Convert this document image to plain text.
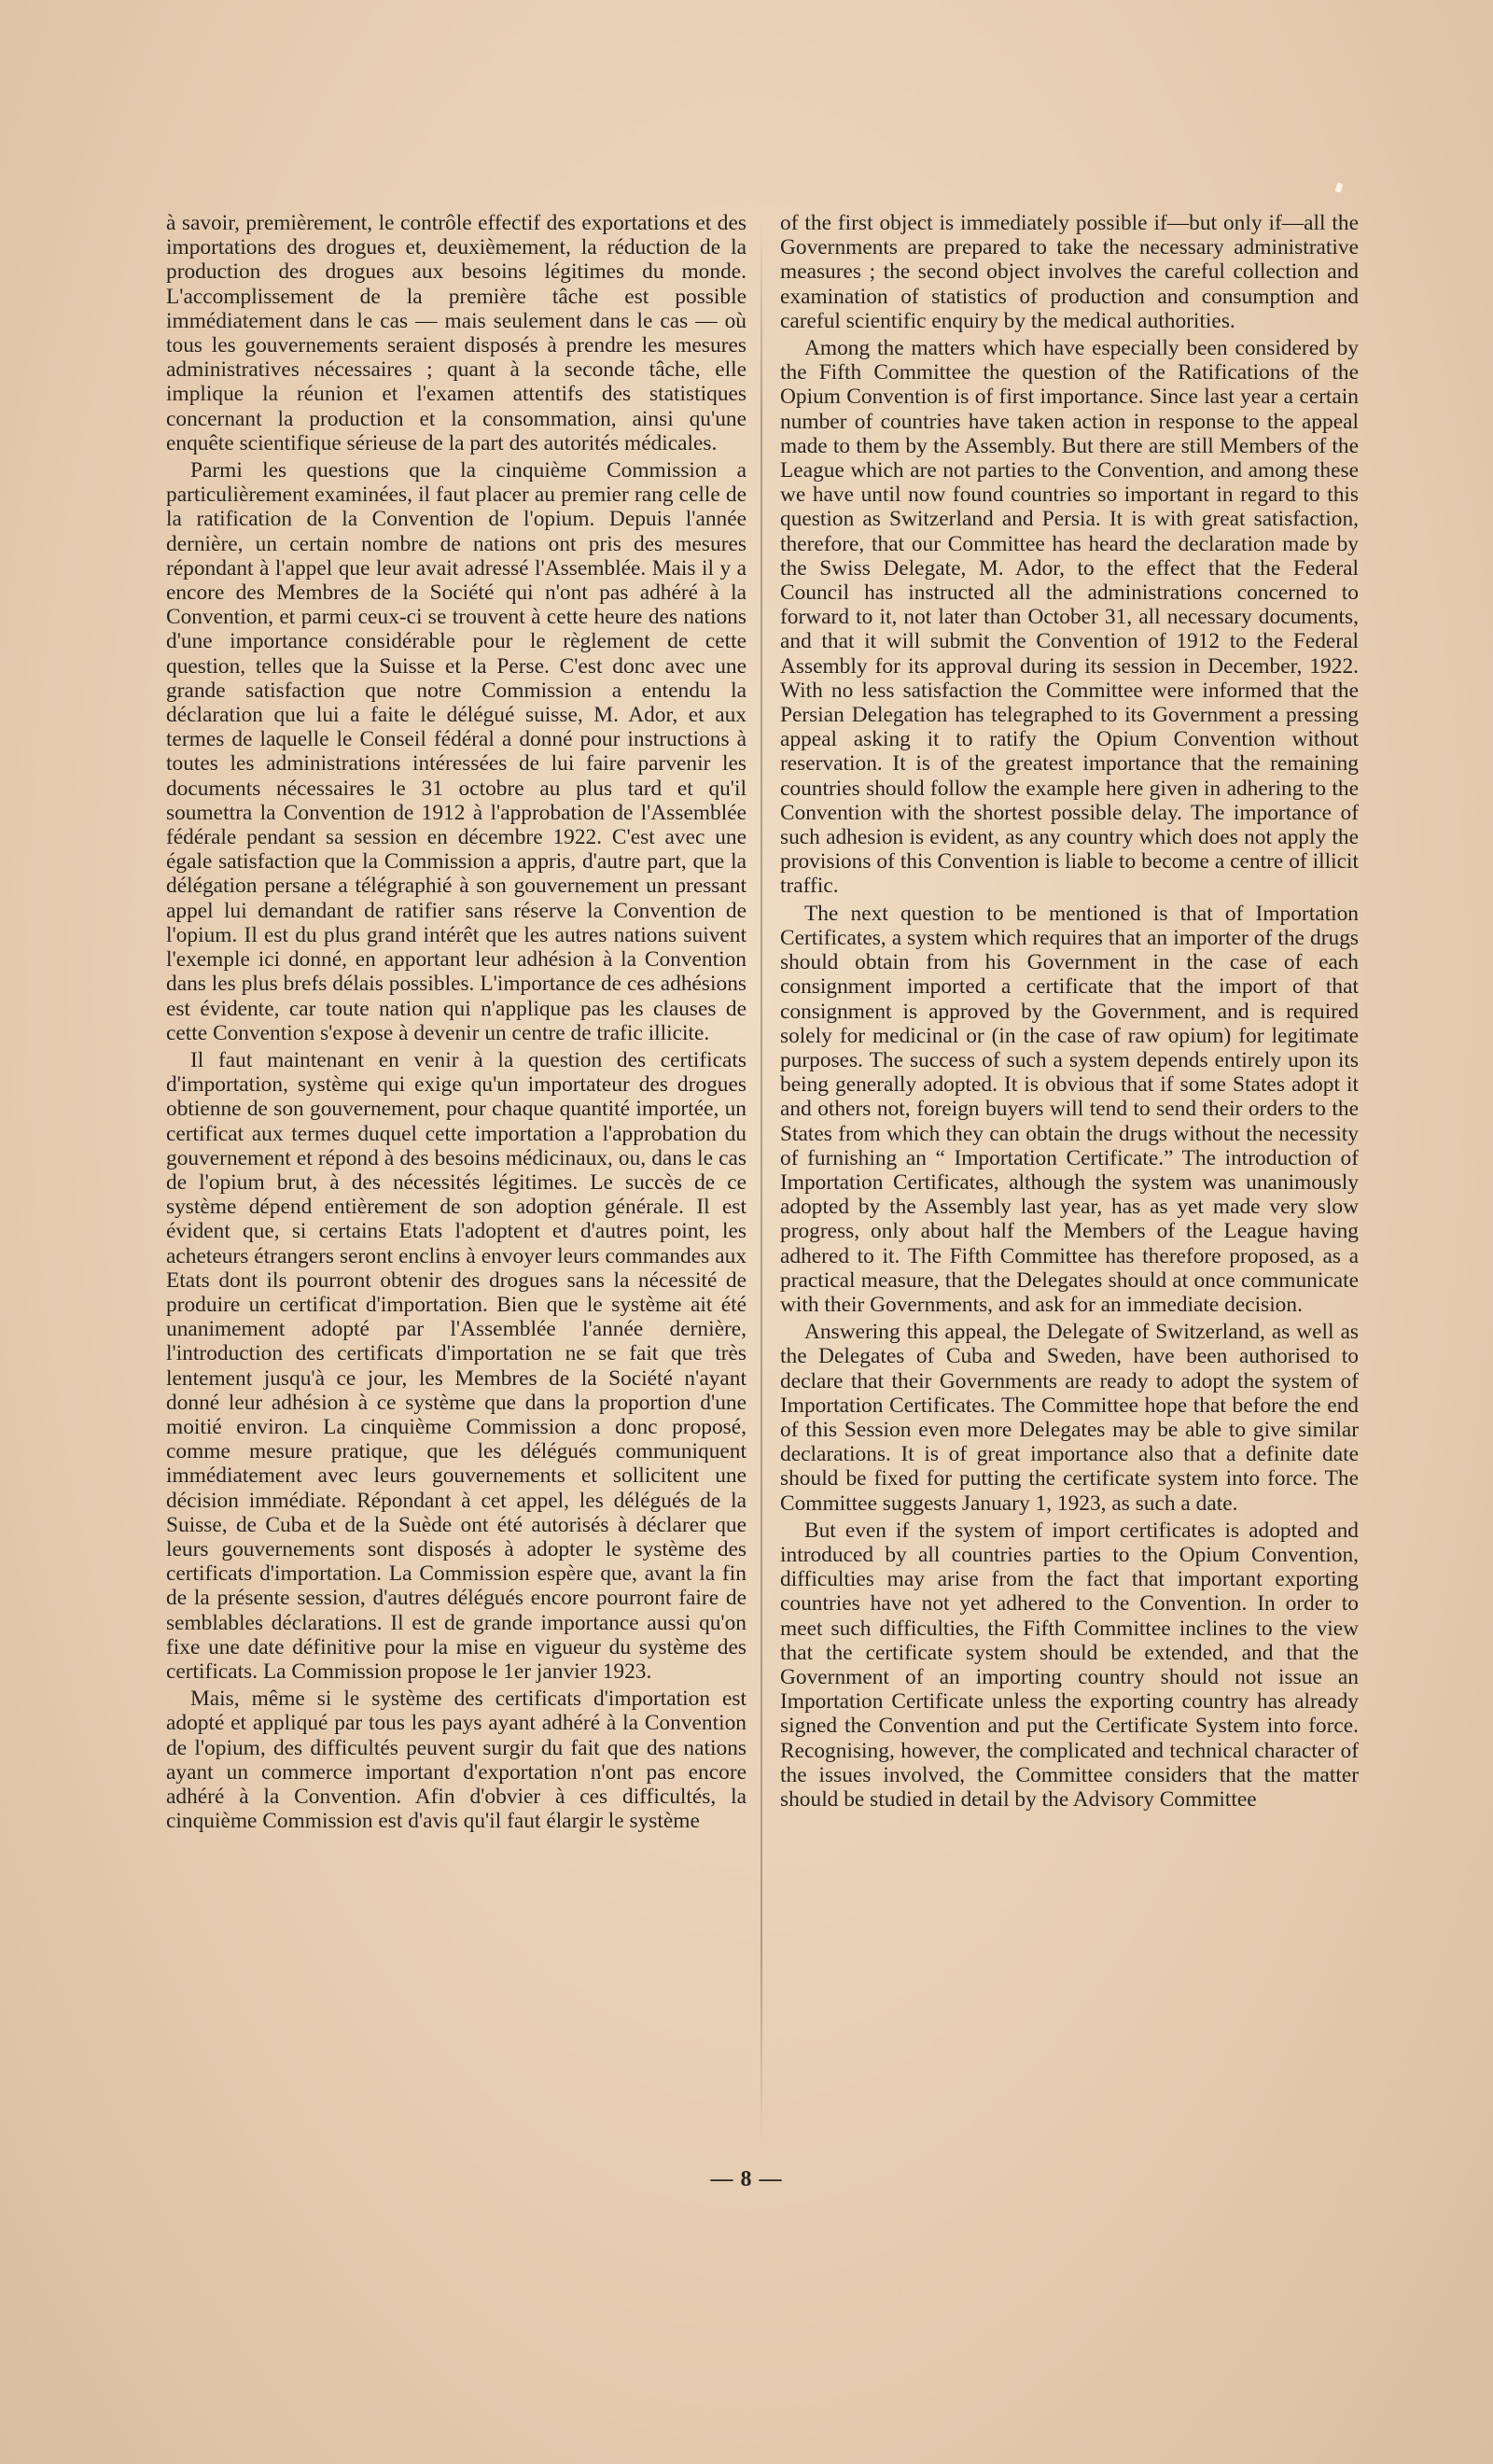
à savoir, premièrement, le contrôle effectif des exportations et des importations des drogues et, deuxièmement, la réduction de la production des drogues aux besoins légitimes du monde. L'accomplissement de la première tâche est possible immédiatement dans le cas — mais seulement dans le cas — où tous les gouvernements seraient disposés à prendre les mesures administratives nécessaires ; quant à la seconde tâche, elle implique la réunion et l'examen attentifs des statistiques concernant la production et la consommation, ainsi qu'une enquête scientifique sérieuse de la part des autorités médicales.

Parmi les questions que la cinquième Commission a particulièrement examinées, il faut placer au premier rang celle de la ratification de la Convention de l'opium. Depuis l'année dernière, un certain nombre de nations ont pris des mesures répondant à l'appel que leur avait adressé l'Assemblée. Mais il y a encore des Membres de la Société qui n'ont pas adhéré à la Convention, et parmi ceux-ci se trouvent à cette heure des nations d'une importance considérable pour le règlement de cette question, telles que la Suisse et la Perse. C'est donc avec une grande satisfaction que notre Commission a entendu la déclaration que lui a faite le délégué suisse, M. Ador, et aux termes de laquelle le Conseil fédéral a donné pour instructions à toutes les administrations intéressées de lui faire parvenir les documents nécessaires le 31 octobre au plus tard et qu'il soumettra la Convention de 1912 à l'approbation de l'Assemblée fédérale pendant sa session en décembre 1922. C'est avec une égale satisfaction que la Commission a appris, d'autre part, que la délégation persane a télégraphié à son gouvernement un pressant appel lui demandant de ratifier sans réserve la Convention de l'opium. Il est du plus grand intérêt que les autres nations suivent l'exemple ici donné, en apportant leur adhésion à la Convention dans les plus brefs délais possibles. L'importance de ces adhésions est évidente, car toute nation qui n'applique pas les clauses de cette Convention s'expose à devenir un centre de trafic illicite.

Il faut maintenant en venir à la question des certificats d'importation, système qui exige qu'un importateur des drogues obtienne de son gouvernement, pour chaque quantité importée, un certificat aux termes duquel cette importation a l'approbation du gouvernement et répond à des besoins médicinaux, ou, dans le cas de l'opium brut, à des nécessités légitimes. Le succès de ce système dépend entièrement de son adoption générale. Il est évident que, si certains Etats l'adoptent et d'autres point, les acheteurs étrangers seront enclins à envoyer leurs commandes aux Etats dont ils pourront obtenir des drogues sans la nécessité de produire un certificat d'importation. Bien que le système ait été unanimement adopté par l'Assemblée l'année dernière, l'introduction des certificats d'importation ne se fait que très lentement jusqu'à ce jour, les Membres de la Société n'ayant donné leur adhésion à ce système que dans la proportion d'une moitié environ. La cinquième Commission a donc proposé, comme mesure pratique, que les délégués communiquent immédiatement avec leurs gouvernements et sollicitent une décision immédiate. Répondant à cet appel, les délégués de la Suisse, de Cuba et de la Suède ont été autorisés à déclarer que leurs gouvernements sont disposés à adopter le système des certificats d'importation. La Commission espère que, avant la fin de la présente session, d'autres délégués encore pourront faire de semblables déclarations. Il est de grande importance aussi qu'on fixe une date définitive pour la mise en vigueur du système des certificats. La Commission propose le 1er janvier 1923.

Mais, même si le système des certificats d'importation est adopté et appliqué par tous les pays ayant adhéré à la Convention de l'opium, des difficultés peuvent surgir du fait que des nations ayant un commerce important d'exportation n'ont pas encore adhéré à la Convention. Afin d'obvier à ces difficultés, la cinquième Commission est d'avis qu'il faut élargir le système

of the first object is immediately possible if—but only if—all the Governments are prepared to take the necessary administrative measures ; the second object involves the careful collection and examination of statistics of production and consumption and careful scientific enquiry by the medical authorities.

Among the matters which have especially been considered by the Fifth Committee the question of the Ratifications of the Opium Convention is of first importance. Since last year a certain number of countries have taken action in response to the appeal made to them by the Assembly. But there are still Members of the League which are not parties to the Convention, and among these we have until now found countries so important in regard to this question as Switzerland and Persia. It is with great satisfaction, therefore, that our Committee has heard the declaration made by the Swiss Delegate, M. Ador, to the effect that the Federal Council has instructed all the administrations concerned to forward to it, not later than October 31, all necessary documents, and that it will submit the Convention of 1912 to the Federal Assembly for its approval during its session in December, 1922. With no less satisfaction the Committee were informed that the Persian Delegation has telegraphed to its Government a pressing appeal asking it to ratify the Opium Convention without reservation. It is of the greatest importance that the remaining countries should follow the example here given in adhering to the Convention with the shortest possible delay. The importance of such adhesion is evident, as any country which does not apply the provisions of this Convention is liable to become a centre of illicit traffic.

The next question to be mentioned is that of Importation Certificates, a system which requires that an importer of the drugs should obtain from his Government in the case of each consignment imported a certificate that the import of that consignment is approved by the Government, and is required solely for medicinal or (in the case of raw opium) for legitimate purposes. The success of such a system depends entirely upon its being generally adopted. It is obvious that if some States adopt it and others not, foreign buyers will tend to send their orders to the States from which they can obtain the drugs without the necessity of furnishing an “ Importation Certificate.” The introduction of Importation Certificates, although the system was unanimously adopted by the Assembly last year, has as yet made very slow progress, only about half the Members of the League having adhered to it. The Fifth Committee has therefore proposed, as a practical measure, that the Delegates should at once communicate with their Governments, and ask for an immediate decision.

Answering this appeal, the Delegate of Switzerland, as well as the Delegates of Cuba and Sweden, have been authorised to declare that their Governments are ready to adopt the system of Importation Certificates. The Committee hope that before the end of this Session even more Delegates may be able to give similar declarations. It is of great importance also that a definite date should be fixed for putting the certificate system into force. The Committee suggests January 1, 1923, as such a date.

But even if the system of import certificates is adopted and introduced by all countries parties to the Opium Convention, difficulties may arise from the fact that important exporting countries have not yet adhered to the Convention. In order to meet such difficulties, the Fifth Committee inclines to the view that the certificate system should be extended, and that the Government of an importing country should not issue an Importation Certificate unless the exporting country has already signed the Convention and put the Certificate System into force. Recognising, however, the complicated and technical character of the issues involved, the Committee considers that the matter should be studied in detail by the Advisory Committee

— 8 —
